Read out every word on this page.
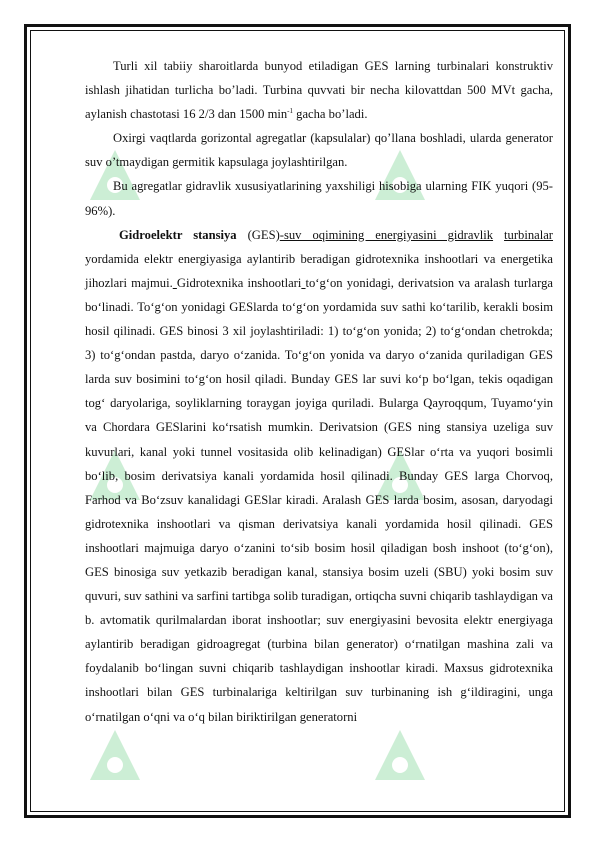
Turli xil tabiiy sharoitlarda bunyod etiladigan GES larning turbinalari konstruktiv ishlash jihatidan turlicha bo’ladi. Turbina quvvati bir necha kilovattdan 500 MVt gacha, aylanish chastotasi 16 2/3 dan 1500 $\min^{-1}$ gacha bo’ladi.

Oxirgi vaqtlarda gorizontal agregatlar (kapsulalar) qo’llana boshladi, ularda generator suv o’tmaydigan germitik kapsulaga joylashtirilgan.

Bu agregatlar gidravlik xususiyatlarining yaxshiligi hisobiga ularning FIK yuqori (95-96%).

Gidroelektr stansiya (GES)-suv oqimining energiyasini gidravlik turbinalar yordamida elektr energiyasiga aylantirib beradigan gidrotexnika inshootlari va energetika jihozlari majmui. Gidrotexnika inshootlari to‘g‘on yonidagi, derivatsion va aralash turlarga bo‘linadi. To‘g‘on yonidagi GESlarda to‘g‘on yordamida suv sathi ko‘tarilib, kerakli bosim hosil qilinadi. GES binosi 3 xil joylashtiriladi: 1) to‘g‘on yonida; 2) to‘g‘ondan chetrokda; 3) to‘g‘ondan pastda, daryo o‘zanida. To‘g‘on yonida va daryo o‘zanida quriladigan GES larda suv bosimini to‘g‘on hosil qiladi. Bunday GES lar suvi ko‘p bo‘lgan, tekis oqadigan tog‘ daryolariga, soyliklarning toraygan joyiga quriladi. Bularga Qayroqqum, Tuyamo‘yin va Chordara GESlarini ko‘rsatish mumkin. Derivatsion (GES ning stansiya uzeliga suv kuvurlari, kanal yoki tunnel vositasida olib kelinadigan) GESlar o‘rta va yuqori bosimli bo‘lib, bosim derivatsiya kanali yordamida hosil qilinadi. Bunday GES larga Chorvoq, Farhod va Bo‘zsuv kanalidagi GESlar kiradi. Aralash GES larda bosim, asosan, daryodagi gidrotexnika inshootlari va qisman derivatsiya kanali yordamida hosil qilinadi. GES inshootlari majmuiga daryo o‘zanini to‘sib bosim hosil qiladigan bosh inshoot (to‘g‘on), GES binosiga suv yetkazib beradigan kanal, stansiya bosim uzeli (SBU) yoki bosim suv quvuri, suv sathini va sarfini tartibga solib turadigan, ortiqcha suvni chiqarib tashlaydigan va b. avtomatik qurilmalardan iborat inshootlar; suv energiyasini bevosita elektr energiyaga aylantirib beradigan gidroagregat (turbina bilan generator) o‘rnatilgan mashina zali va foydalanib bo‘lingan suvni chiqarib tashlaydigan inshootlar kiradi. Maxsus gidrotexnika inshootlari bilan GES turbinalariga keltirilgan suv turbinaning ish g‘ildiragini, unga o‘rnatilgan o‘qni va o‘q bilan biriktirilgan generatorni
